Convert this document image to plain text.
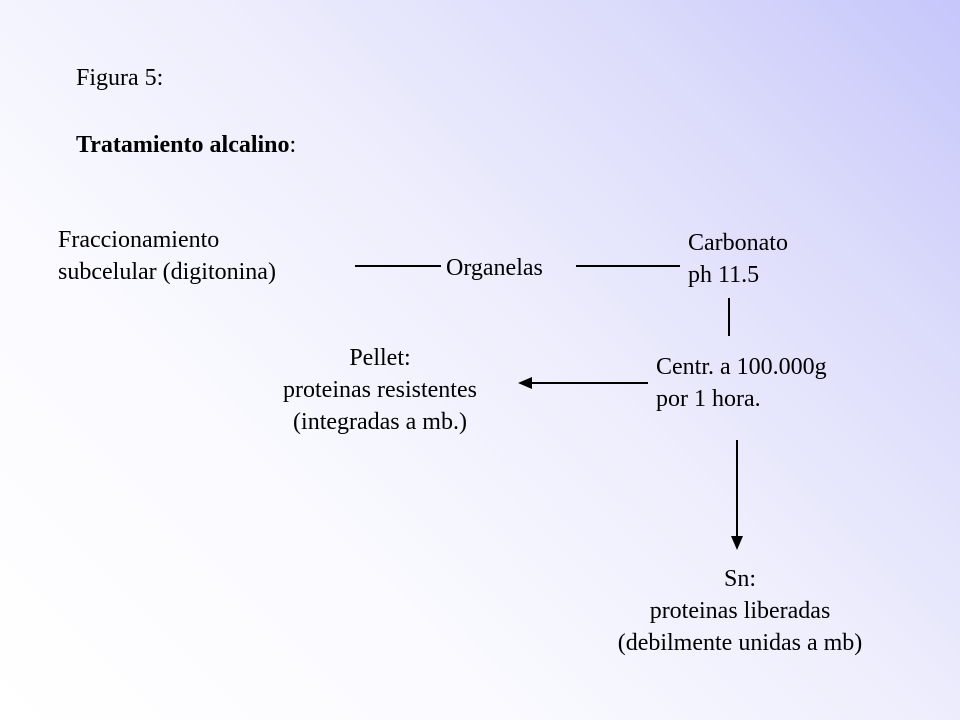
Figura 5:
Tratamiento alcalino:
Fraccionamiento
subcelular (digitonina)	Organelas
Carbonato
ph 11.5
Centr. a 100.000g
por 1 hora.
Pellet:
proteinas resistentes
(integradas a mb.)
Sn:
proteinas liberadas
(debilmente unidas a mb)
